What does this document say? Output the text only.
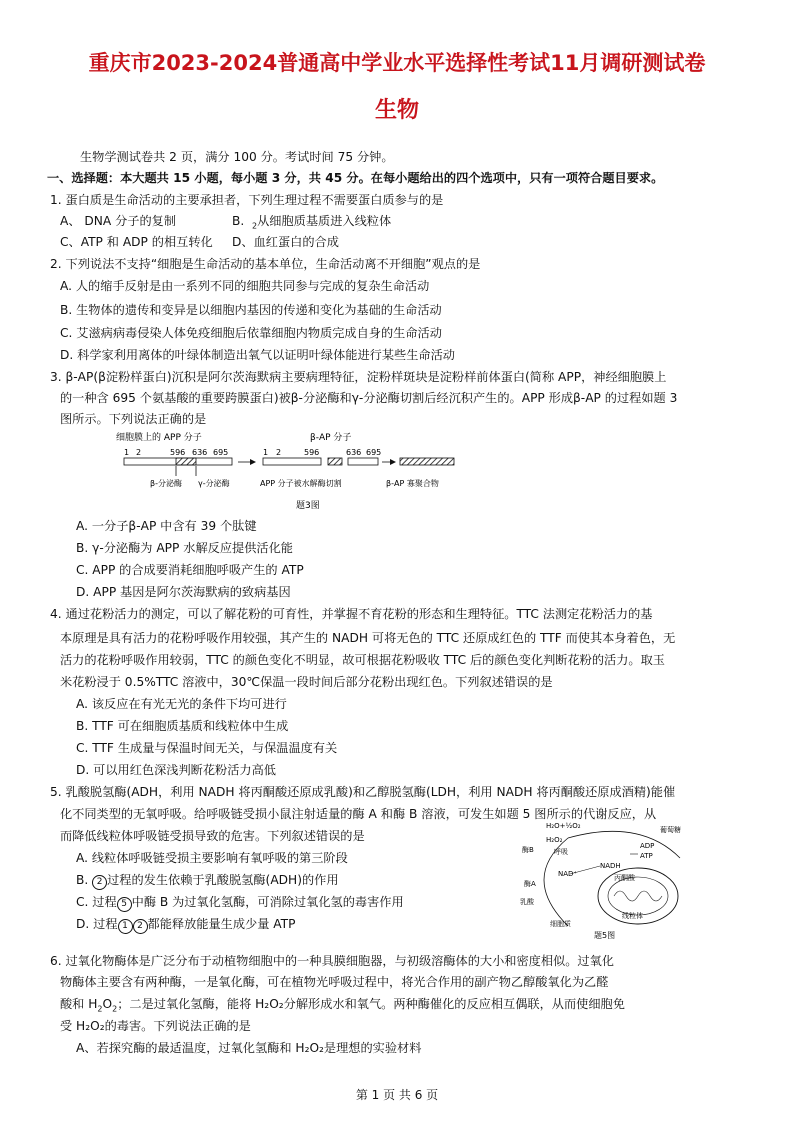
重庆市2023-2024普通高中学业水平选择性考试11月调研测试卷
生物
生物学测试卷共 2 页，满分 100 分。考试时间 75 分钟。
一、选择题：本大题共 15 小题，每小题 3 分，共 45 分。在每小题给出的四个选项中，只有一项符合题目要求。
1. 蛋白质是生命活动的主要承担者，下列生理过程不需要蛋白质参与的是
A、 DNA 分子的复制	B. $_2$从细胞质基质进入线粒体
C、ATP 和 ADP 的相互转化 D、血红蛋白的合成
2. 下列说法不支持“细胞是生命活动的基本单位，生命活动离不开细胞”观点的是
A. 人的缩手反射是由一系列不同的细胞共同参与完成的复杂生命活动
B. 生物体的遗传和变异是以细胞内基因的传递和变化为基础的生命活动
C. 艾滋病病毒侵染人体免疫细胞后依靠细胞内物质完成自身的生命活动
D. 科学家利用离体的叶绿体制造出氧气以证明叶绿体能进行某些生命活动
3. β-AP(β淀粉样蛋白)沉积是阿尔茨海默病主要病理特征，淀粉样斑块是淀粉样前体蛋白(简称 APP，神经细胞膜上
的一种含 695 个氨基酸的重要跨膜蛋白)被β-分泌酶和γ-分泌酶切割后经沉积产生的。APP 形成β-AP 的过程如题 3
图所示。下列说法正确的是
细胞膜上的 APP 分子	β-AP 分子
1 2	596 636 695
β-分泌酶 γ-分泌酶
1 2	596	636 695
APP 分子被水解酶切割	β-AP 寡聚合物
题3图
A. 一分子β-AP 中含有 39 个肽键
B. γ-分泌酶为 APP 水解反应提供活化能
C. APP 的合成要消耗细胞呼吸产生的 ATP
D. APP 基因是阿尔茨海默病的致病基因
4. 通过花粉活力的测定，可以了解花粉的可育性，并掌握不育花粉的形态和生理特征。TTC 法测定花粉活力的基
本原理是具有活力的花粉呼吸作用较强，其产生的 NADH 可将无色的 TTC 还原成红色的 TTF 而使其本身着色，无
活力的花粉呼吸作用较弱，TTC 的颜色变化不明显，故可根据花粉吸收 TTC 后的颜色变化判断花粉的活力。取玉
米花粉浸于 0.5%TTC 溶液中，30℃保温一段时间后部分花粉出现红色。下列叙述错误的是
A. 该反应在有光无光的条件下均可进行
B. TTF 可在细胞质基质和线粒体中生成
C. TTF 生成量与保温时间无关，与保温温度有关
D. 可以用红色深浅判断花粉活力高低
5. 乳酸脱氢酶(ADH，利用 NADH 将丙酮酸还原成乳酸)和乙醇脱氢酶(LDH，利用 NADH 将丙酮酸还原成酒精)能催
化不同类型的无氧呼吸。给呼吸链受损小鼠注射适量的酶 A 和酶 B 溶液，可发生如题 5 图所示的代谢反应，从
而降低线粒体呼吸链受损导致的危害。下列叙述错误的是
A. 线粒体呼吸链受损主要影响有氧呼吸的第三阶段
B. 2 过程的发生依赖于乳酸脱氢酶(ADH)的作用
C. 过程 5 中酶 B 为过氧化氢酶，可消除过氧化氢的毒害作用
D. 过程 1 2 都能释放能量生成少量 ATP
H₂O+½O₂
H₂O₂
酶B	呼吸
NAD⁺
NADH
ADP
ATP
酶A
乳酸
葡萄糖
丙酮酸
线粒体
细胞质
题5图
6. 过氧化物酶体是广泛分布于动植物细胞中的一种具膜细胞器，与初级溶酶体的大小和密度相似。过氧化
物酶体主要含有两种酶，一是氧化酶，可在植物光呼吸过程中，将光合作用的副产物乙醇酸氧化为乙醛
酸和 $H_2O_2$；二是过氧化氢酶，能将 H₂O₂分解形成水和氧气。两种酶催化的反应相互偶联，从而使细胞免
受 H₂O₂的毒害。下列说法正确的是
A、若探究酶的最适温度，过氧化氢酶和 H₂O₂是理想的实验材料
第 1 页 共 6 页
